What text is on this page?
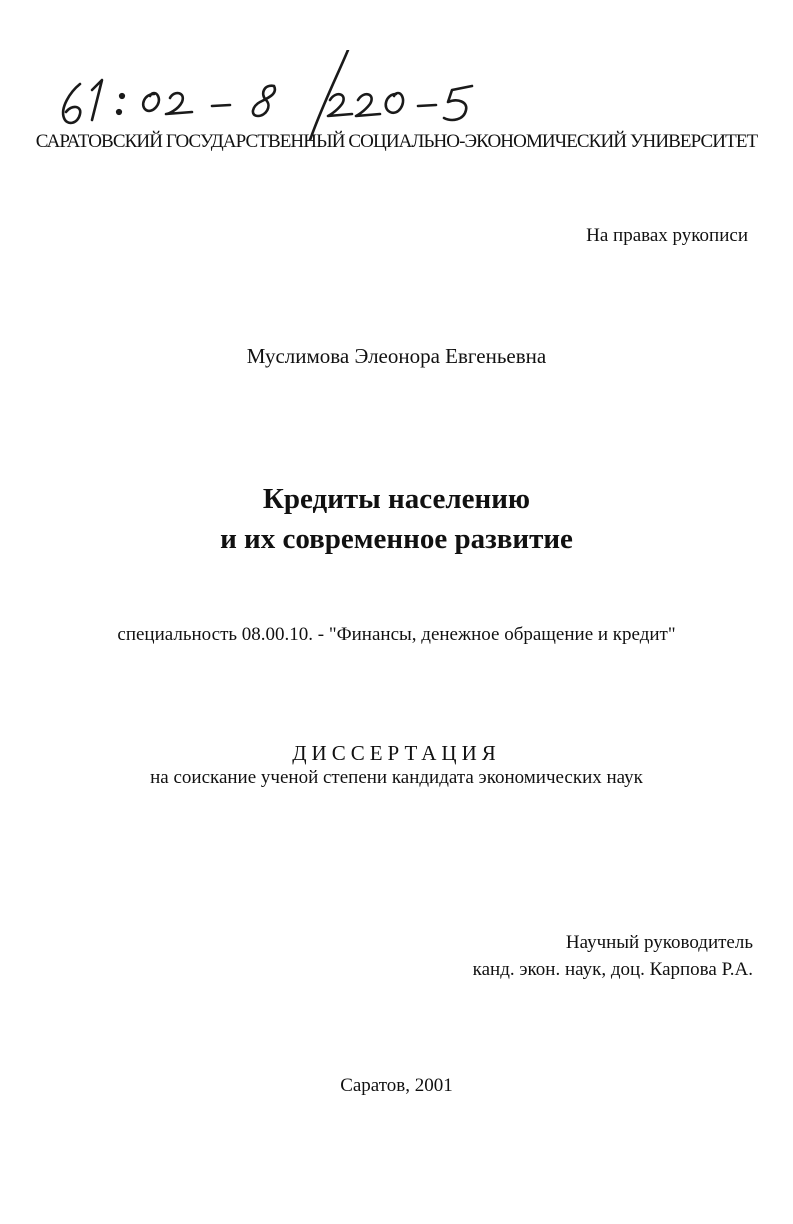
САРАТОВСКИЙ ГОСУДАРСТВЕННЫЙ СОЦИАЛЬНО-ЭКОНОМИЧЕСКИЙ УНИВЕРСИТЕТ
На правах рукописи
Муслимова Элеонора Евгеньевна
Кредиты населению
и их современное развитие
специальность 08.00.10. - "Финансы, денежное обращение и кредит"
ДИССЕРТАЦИЯ
на соискание ученой степени кандидата экономических наук
Научный руководитель
канд. экон. наук, доц. Карпова Р.А.
Саратов, 2001
